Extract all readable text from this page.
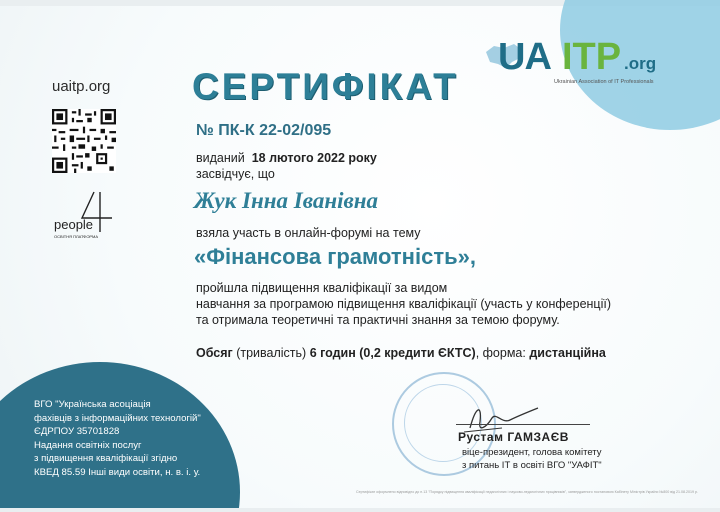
uaitp.org
people
ОСВІТНЯ ПЛАТФОРМА
UA ITP .org
Ukrainian Association of IT Professionals
СЕРТИФІКАТ
№ ПК-К 22-02/095
виданий 18 лютого 2022 року
засвідчує, що
Жук Інна Іванівна
взяла участь в онлайн-форумі на тему
«Фінансова грамотність»,
пройшла підвищення кваліфікації за видом
навчання за програмою підвищення кваліфікації (участь у конференції)
та отримала теоретичні та практичні знання за темою форуму.
Обсяг (тривалість) 6 годин (0,2 кредити ЄКТС), форма: дистанційна
Рустам ГАМЗАЄВ
віце-президент, голова комітету
з питань ІТ в освіті ВГО "УАФІТ"
ВГО "Українська асоціація
фахівців з інформаційних технологій"
ЄДРПОУ 35701828
Надання освітніх послуг
з підвищення кваліфікації згідно
КВЕД 85.59 Інші види освіти, н. в. і. у.
Сертифікат оформлено відповідно до п.13 "Порядку підвищення кваліфікації педагогічних і науково-педагогічних працівників", затвердженого постановою Кабінету Міністрів України №800 від 21.08.2019 р.
